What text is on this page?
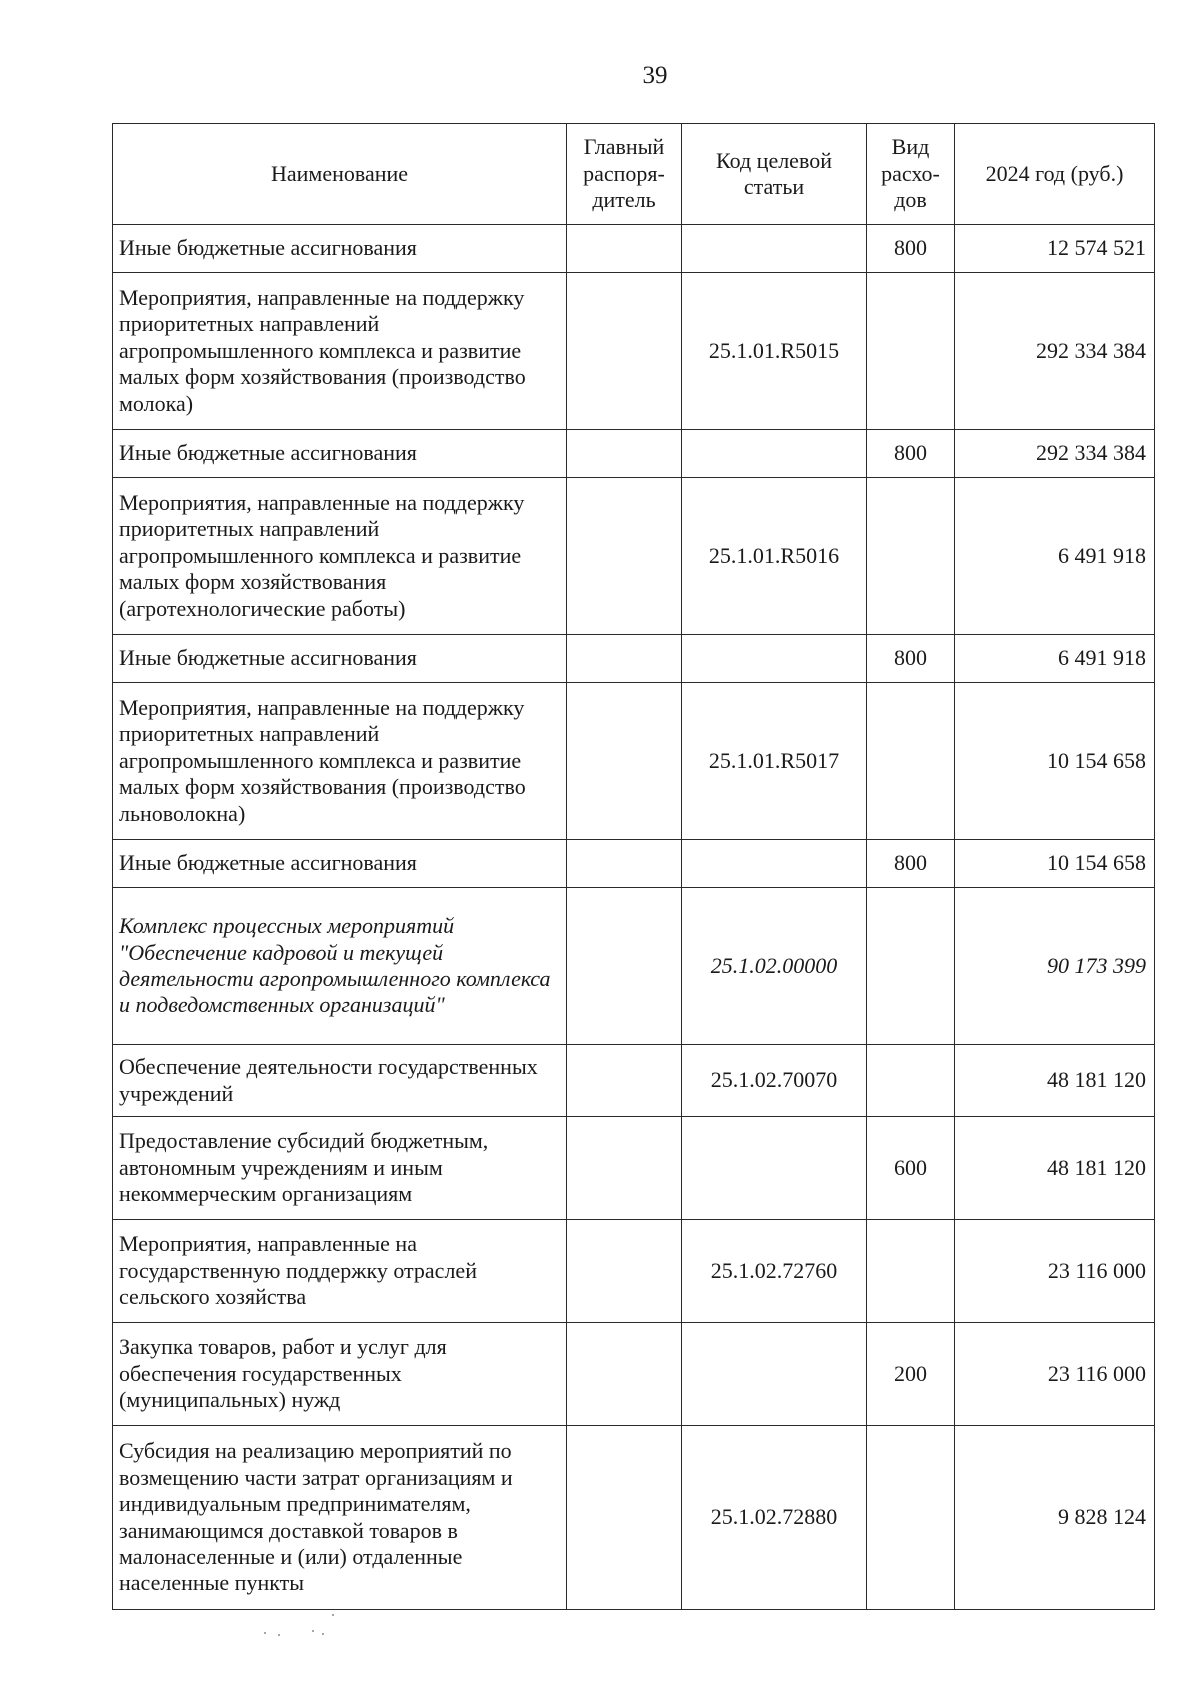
39
Наименование	Главный распоря-дитель	Код целевой статьи	Вид расхо-дов	2024 год (руб.)
Иные бюджетные ассигнования			800	12 574 521
Мероприятия, направленные на поддержку приоритетных направлений агропромышленного комплекса и развитие малых форм хозяйствования (производство молока)		25.1.01.R5015		292 334 384
Иные бюджетные ассигнования			800	292 334 384
Мероприятия, направленные на поддержку приоритетных направлений агропромышленного комплекса и развитие малых форм хозяйствования (агротехнологические работы)		25.1.01.R5016		6 491 918
Иные бюджетные ассигнования			800	6 491 918
Мероприятия, направленные на поддержку приоритетных направлений агропромышленного комплекса и развитие малых форм хозяйствования (производство льноволокна)		25.1.01.R5017		10 154 658
Иные бюджетные ассигнования			800	10 154 658
Комплекс процессных мероприятий "Обеспечение кадровой и текущей деятельности агропромышленного комплекса и подведомственных организаций"		25.1.02.00000		90 173 399
Обеспечение деятельности государственных учреждений		25.1.02.70070		48 181 120
Предоставление субсидий бюджетным, автономным учреждениям и иным некоммерческим организациям			600	48 181 120
Мероприятия, направленные на государственную поддержку отраслей сельского хозяйства		25.1.02.72760		23 116 000
Закупка товаров, работ и услуг для обеспечения государственных (муниципальных) нужд			200	23 116 000
Субсидия на реализацию мероприятий по возмещению части затрат организациям и индивидуальным предпринимателям, занимающимся доставкой товаров в малонаселенные и (или) отдаленные населенные пункты		25.1.02.72880		9 828 124
